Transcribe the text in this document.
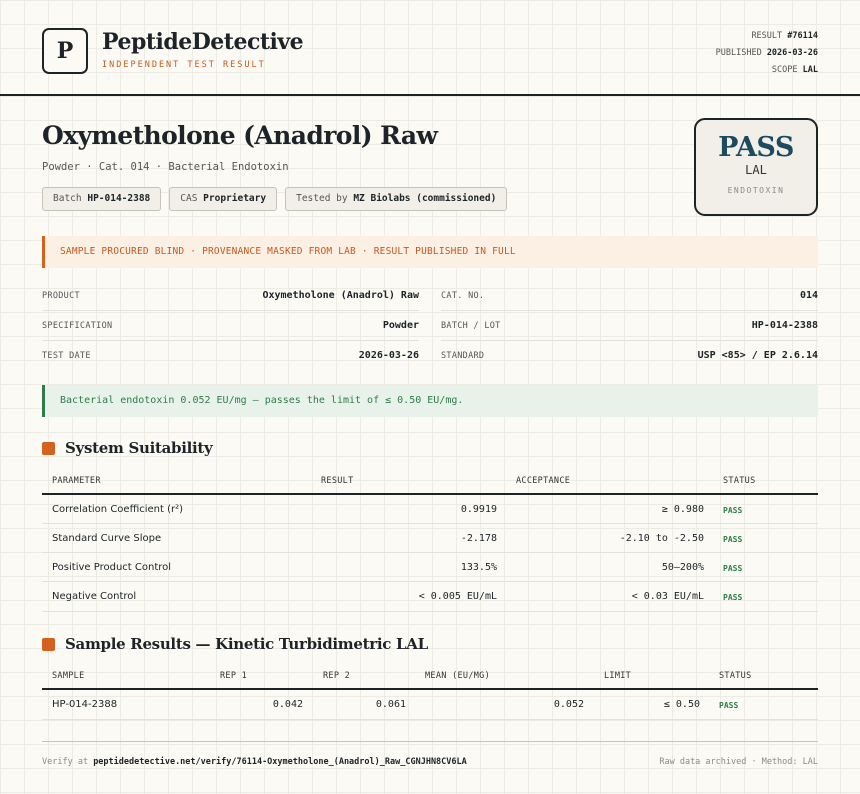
P	PeptideDetective
INDEPENDENT TEST RESULT
RESULT #76114
PUBLISHED 2026-03-26
SCOPE LAL
Oxymetholone (Anadrol) Raw
Powder · Cat. 014 · Bacterial Endotoxin
Batch HP-014-2388	CAS Proprietary	Tested by MZ Biolabs (commissioned)
PASS
LAL
ENDOTOXIN
SAMPLE PROCURED BLIND · PROVENANCE MASKED FROM LAB · RESULT PUBLISHED IN FULL
PRODUCT	Oxymetholone (Anadrol) Raw
SPECIFICATION	Powder
TEST DATE	2026-03-26
CAT. NO.	014
BATCH / LOT	HP-014-2388
STANDARD	USP <85> / EP 2.6.14
Bacterial endotoxin 0.052 EU/mg — passes the limit of ≤ 0.50 EU/mg.
System Suitability
PARAMETER	RESULT	ACCEPTANCE	STATUS
Correlation Coefficient (r²)	0.9919	≥ 0.980 PASS
Standard Curve Slope	-2.178	-2.10 to -2.50 PASS
Positive Product Control	133.5%	50–200% PASS
Negative Control	< 0.005 EU/mL	< 0.03 EU/mL PASS
Sample Results — Kinetic Turbidimetric LAL
SAMPLE	REP 1	REP 2	MEAN (EU/MG)	LIMIT	STATUS
HP-014-2388	0.042	0.061	0.052	≤ 0.50 PASS
Verify at peptidedetective.net/verify/76114-Oxymetholone_(Anadrol)_Raw_CGNJHN8CV6LA	Raw data archived · Method: LAL
